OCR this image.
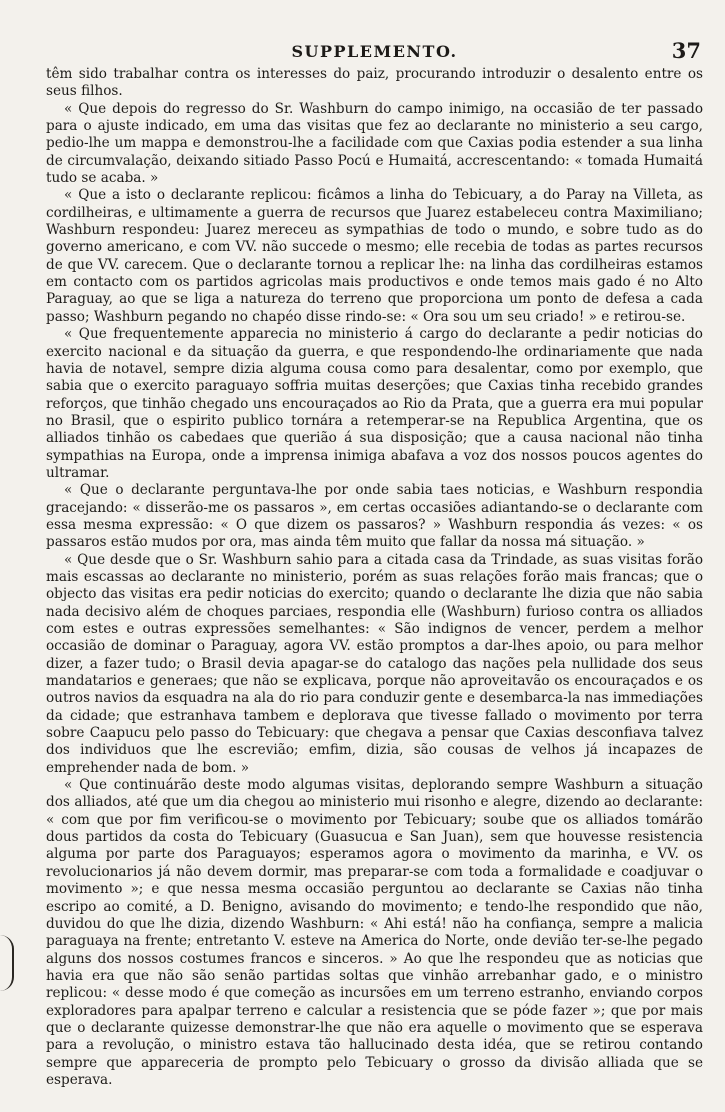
SUPPLEMENTO.	37

têm sido trabalhar contra os interesses do paiz, procurando introduzir o desalento entre os seus filhos.

« Que depois do regresso do Sr. Washburn do campo inimigo, na occasião de ter passado para o ajuste indicado, em uma das visitas que fez ao declarante no ministerio a seu cargo, pedio-lhe um mappa e demonstrou-lhe a facilidade com que Caxias podia estender a sua linha de circumvalação, deixando sitiado Passo Pocú e Humaitá, accrescentando: « tomada Humaitá tudo se acaba. »

« Que a isto o declarante replicou: ficâmos a linha do Tebicuary, a do Paray na Villeta, as cordilheiras, e ultimamente a guerra de recursos que Juarez estabeleceu contra Maximiliano; Washburn respondeu: Juarez mereceu as sympathias de todo o mundo, e sobre tudo as do governo americano, e com VV. não succede o mesmo; elle recebia de todas as partes recursos de que VV. carecem. Que o declarante tornou a replicar lhe: na linha das cordilheiras estamos em contacto com os partidos agricolas mais productivos e onde temos mais gado é no Alto Paraguay, ao que se liga a natureza do terreno que proporciona um ponto de defesa a cada passo; Washburn pegando no chapéo disse rindo-se: « Ora sou um seu criado! » e retirou-se.

« Que frequentemente apparecia no ministerio á cargo do declarante a pedir noticias do exercito nacional e da situação da guerra, e que respondendo-lhe ordinariamente que nada havia de notavel, sempre dizia alguma cousa como para desalentar, como por exemplo, que sabia que o exercito paraguayo soffria muitas deserções; que Caxias tinha recebido grandes reforços, que tinhão chegado uns encouraçados ao Rio da Prata, que a guerra era mui popular no Brasil, que o espirito publico tornára a retemperar-se na Republica Argentina, que os alliados tinhão os cabedaes que querião á sua disposição; que a causa nacional não tinha sympathias na Europa, onde a imprensa inimiga abafava a voz dos nossos poucos agentes do ultramar.

« Que o declarante perguntava-lhe por onde sabia taes noticias, e Washburn respondia gracejando: « disserão-me os passaros », em certas occasiões adiantando-se o declarante com essa mesma expressão: « O que dizem os passaros? » Washburn respondia ás vezes: « os passaros estão mudos por ora, mas ainda têm muito que fallar da nossa má situação. »

« Que desde que o Sr. Washburn sahio para a citada casa da Trindade, as suas visitas forão mais escassas ao declarante no ministerio, porém as suas relações forão mais francas; que o objecto das visitas era pedir noticias do exercito; quando o declarante lhe dizia que não sabia nada decisivo além de choques parciaes, respondia elle (Washburn) furioso contra os alliados com estes e outras expressões semelhantes: « São indignos de vencer, perdem a melhor occasião de dominar o Paraguay, agora VV. estão promptos a dar-lhes apoio, ou para melhor dizer, a fazer tudo; o Brasil devia apagar-se do catalogo das nações pela nullidade dos seus mandatarios e generaes; que não se explicava, porque não aproveitavão os encouraçados e os outros navios da esquadra na ala do rio para conduzir gente e desembarca-la nas immediações da cidade; que estranhava tambem e deplorava que tivesse fallado o movimento por terra sobre Caapucu pelo passo do Tebicuary: que chegava a pensar que Caxias desconfiava talvez dos individuos que lhe escrevião; emfim, dizia, são cousas de velhos já incapazes de emprehender nada de bom. »

« Que continuárão deste modo algumas visitas, deplorando sempre Washburn a situação dos alliados, até que um dia chegou ao ministerio mui risonho e alegre, dizendo ao declarante: « com que por fim verificou-se o movimento por Tebicuary; soube que os alliados tomárão dous partidos da costa do Tebicuary (Guasucua e San Juan), sem que houvesse resistencia alguma por parte dos Paraguayos; esperamos agora o movimento da marinha, e VV. os revolucionarios já não devem dormir, mas preparar-se com toda a formalidade e coadjuvar o movimento »; e que nessa mesma occasião perguntou ao declarante se Caxias não tinha escripo ao comité, a D. Benigno, avisando do movimento; e tendo-lhe respondido que não, duvidou do que lhe dizia, dizendo Washburn: « Ahi está! não ha confiança, sempre a malicia paraguaya na frente; entretanto V. esteve na America do Norte, onde devião ter-se-lhe pegado alguns dos nossos costumes francos e sinceros. » Ao que lhe respondeu que as noticias que havia era que não são senão partidas soltas que vinhão arrebanhar gado, e o ministro replicou: « desse modo é que começão as incursões em um terreno estranho, enviando corpos exploradores para apalpar terreno e calcular a resistencia que se póde fazer »; que por mais que o declarante quizesse demonstrar-lhe que não era aquelle o movimento que se esperava para a revolução, o ministro estava tão hallucinado desta idéa, que se retirou contando sempre que appareceria de prompto pelo Tebicuary o grosso da divisão alliada que se esperava.
